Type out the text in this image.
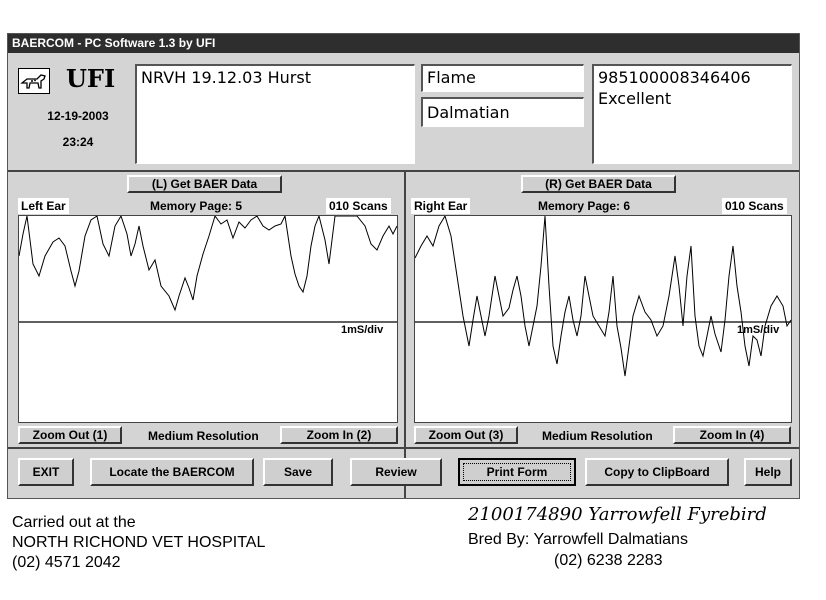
BAERCOM - PC Software 1.3 by UFI
UFI
12-19-2003
23:24
NRVH 19.12.03 Hurst	Flame
Dalmatian
985100008346406
Excellent
(L) Get BAER Data
Left Ear	Memory Page: 5	010 Scans
1mS/div
Zoom Out (1)	Medium Resolution	Zoom In (2)
(R) Get BAER Data
Right Ear	Memory Page: 6	010 Scans
1mS/div
Zoom Out (3)	Medium Resolution	Zoom In (4)
EXIT	Locate the BAERCOM	Save	Review	Print Form	Copy to ClipBoard	Help
Carried out at the
NORTH RICHOND VET HOSPITAL
(02) 4571 2042
2100174890 Yarrowfell Fyrebird
Bred By: Yarrowfell Dalmatians
(02) 6238 2283
